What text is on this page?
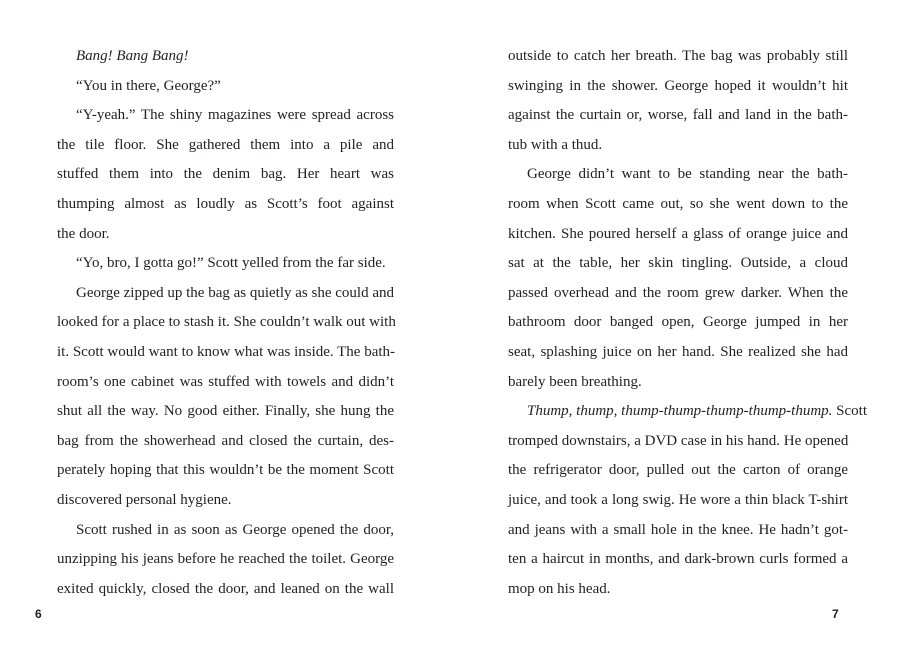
Bang! Bang Bang!
“You in there, George?”
“Y-yeah.” The shiny magazines were spread across
the tile floor. She gathered them into a pile and
stuffed them into the denim bag. Her heart was
thumping almost as loudly as Scott’s foot against
the door.
“Yo, bro, I gotta go!” Scott yelled from the far side.
George zipped up the bag as quietly as she could and
looked for a place to stash it. She couldn’t walk out with
it. Scott would want to know what was inside. The bath-
room’s one cabinet was stuffed with towels and didn’t
shut all the way. No good either. Finally, she hung the
bag from the showerhead and closed the curtain, des-
perately hoping that this wouldn’t be the moment Scott
discovered personal hygiene.
Scott rushed in as soon as George opened the door,
unzipping his jeans before he reached the toilet. George
exited quickly, closed the door, and leaned on the wall
6
outside to catch her breath. The bag was probably still
swinging in the shower. George hoped it wouldn’t hit
against the curtain or, worse, fall and land in the bath-
tub with a thud.
George didn’t want to be standing near the bath-
room when Scott came out, so she went down to the
kitchen. She poured herself a glass of orange juice and
sat at the table, her skin tingling. Outside, a cloud
passed overhead and the room grew darker. When the
bathroom door banged open, George jumped in her
seat, splashing juice on her hand. She realized she had
barely been breathing.
Thump, thump, thump-thump-thump-thump-thump. Scott
tromped downstairs, a DVD case in his hand. He opened
the refrigerator door, pulled out the carton of orange
juice, and took a long swig. He wore a thin black T-shirt
and jeans with a small hole in the knee. He hadn’t got-
ten a haircut in months, and dark-brown curls formed a
mop on his head.
7
